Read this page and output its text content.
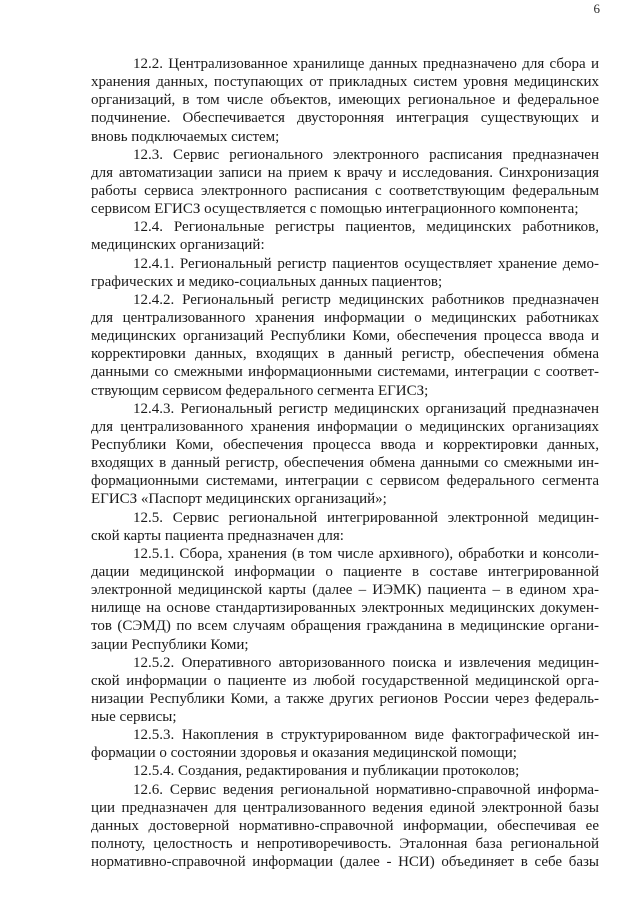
6
12.2. Централизованное хранилище данных предназначено для сбора и
хранения данных, поступающих от прикладных систем уровня медицинских
организаций, в том числе объектов, имеющих региональное и федеральное
подчинение. Обеспечивается двусторонняя интеграция существующих и
вновь подключаемых систем;
12.3. Сервис регионального электронного расписания предназначен
для автоматизации записи на прием к врачу и исследования. Синхронизация
работы сервиса электронного расписания с соответствующим федеральным
сервисом ЕГИСЗ осуществляется с помощью интеграционного компонента;
12.4. Региональные регистры пациентов, медицинских работников,
медицинских организаций:
12.4.1. Региональный регистр пациентов осуществляет хранение демо-
графических и медико-социальных данных пациентов;
12.4.2. Региональный регистр медицинских работников предназначен
для централизованного хранения информации о медицинских работниках
медицинских организаций Республики Коми, обеспечения процесса ввода и
корректировки данных, входящих в данный регистр, обеспечения обмена
данными со смежными информационными системами, интеграции с соответ-
ствующим сервисом федерального сегмента ЕГИСЗ;
12.4.3. Региональный регистр медицинских организаций предназначен
для централизованного хранения информации о медицинских организациях
Республики Коми, обеспечения процесса ввода и корректировки данных,
входящих в данный регистр, обеспечения обмена данными со смежными ин-
формационными системами, интеграции с сервисом федерального сегмента
ЕГИСЗ «Паспорт медицинских организаций»;
12.5. Сервис региональной интегрированной электронной медицин-
ской карты пациента предназначен для:
12.5.1. Сбора, хранения (в том числе архивного), обработки и консоли-
дации медицинской информации о пациенте в составе интегрированной
электронной медицинской карты (далее – ИЭМК) пациента – в едином хра-
нилище на основе стандартизированных электронных медицинских докумен-
тов (СЭМД) по всем случаям обращения гражданина в медицинские органи-
зации Республики Коми;
12.5.2. Оперативного авторизованного поиска и извлечения медицин-
ской информации о пациенте из любой государственной медицинской орга-
низации Республики Коми, а также других регионов России через федераль-
ные сервисы;
12.5.3. Накопления в структурированном виде фактографической ин-
формации о состоянии здоровья и оказания медицинской помощи;
12.5.4. Создания, редактирования и публикации протоколов;
12.6. Сервис ведения региональной нормативно-справочной информа-
ции предназначен для централизованного ведения единой электронной базы
данных достоверной нормативно-справочной информации, обеспечивая ее
полноту, целостность и непротиворечивость. Эталонная база региональной
нормативно-справочной информации (далее - НСИ) объединяет в себе базы
